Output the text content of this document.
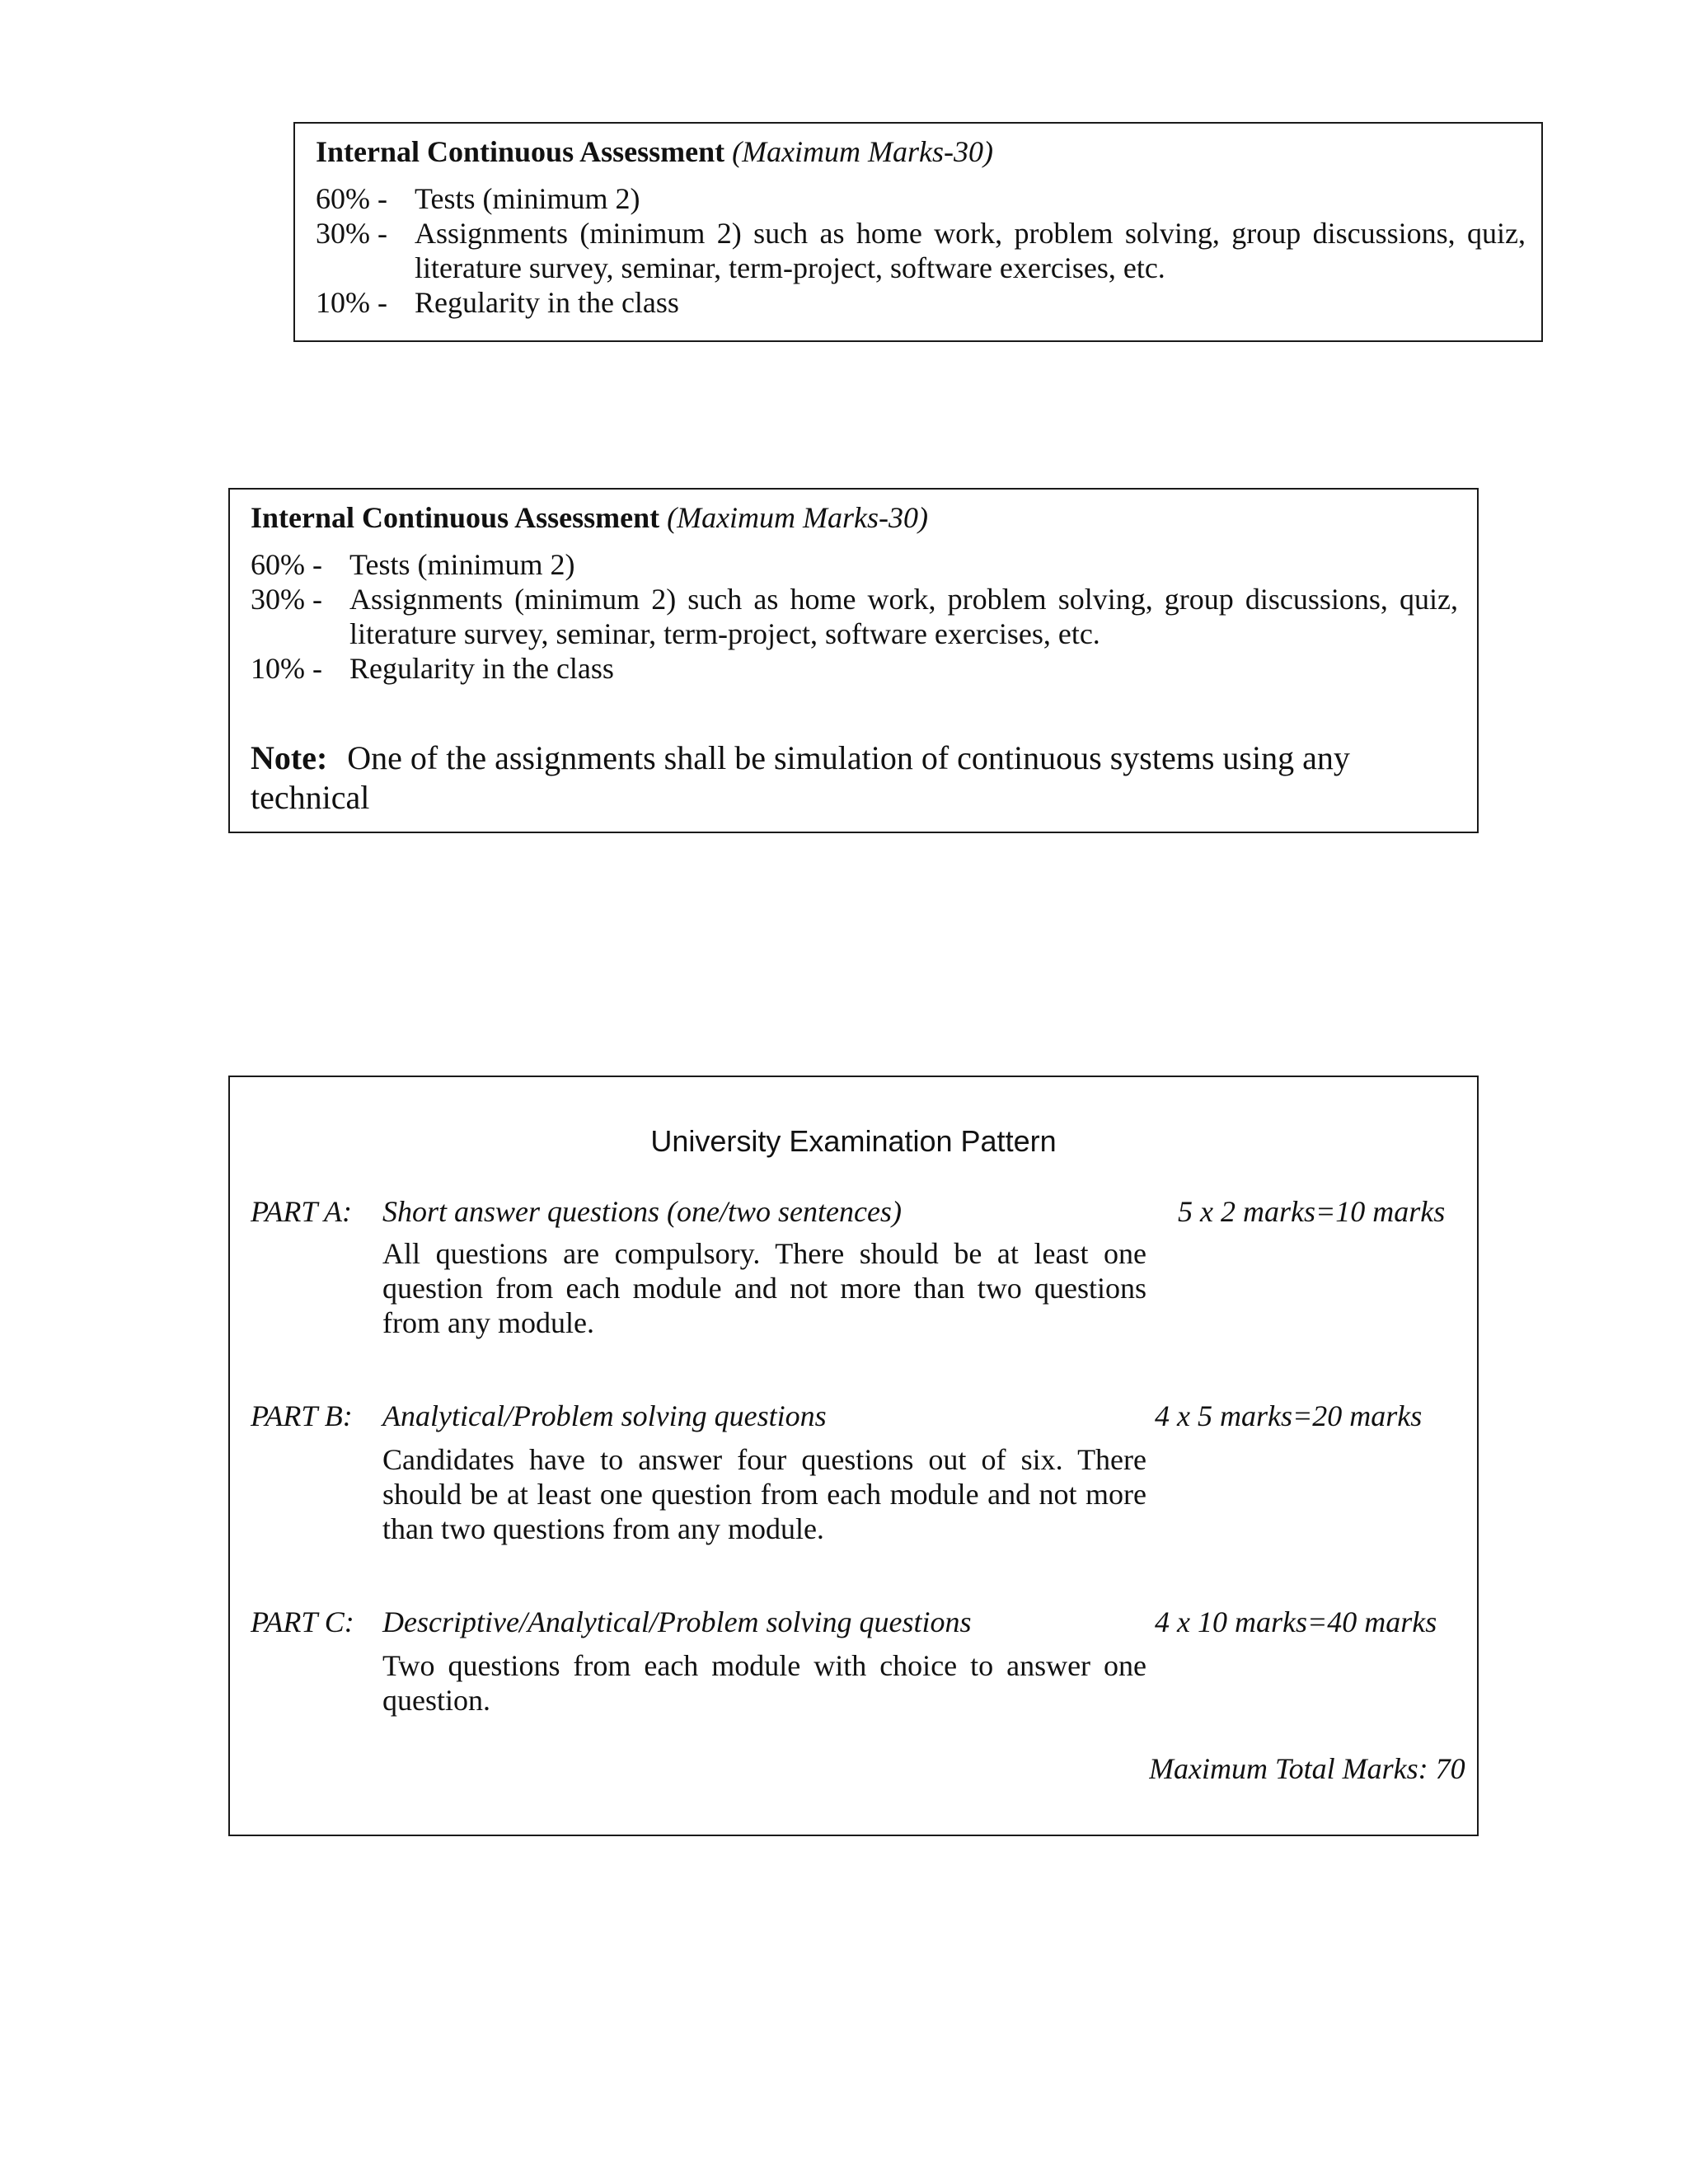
Internal Continuous Assessment (Maximum Marks-30)
60% - Tests (minimum 2)
30% - Assignments (minimum 2) such as home work, problem solving, group discussions, quiz, literature survey, seminar, term-project, software exercises, etc.
10% - Regularity in the class
Internal Continuous Assessment (Maximum Marks-30)
60% - Tests (minimum 2)
30% - Assignments (minimum 2) such as home work, problem solving, group discussions, quiz, literature survey, seminar, term-project, software exercises, etc.
10% - Regularity in the class
Note: One of the assignments shall be simulation of continuous systems using any technical
University Examination Pattern
PART A: Short answer questions (one/two sentences)	5 x 2 marks=10 marks
All questions are compulsory. There should be at least one question from each module and not more than two questions from any module.
PART B: Analytical/Problem solving questions	4 x 5 marks=20 marks
Candidates have to answer four questions out of six. There should be at least one question from each module and not more than two questions from any module.
PART C: Descriptive/Analytical/Problem solving questions	4 x 10 marks=40 marks
Two questions from each module with choice to answer one question.
Maximum Total Marks: 70
